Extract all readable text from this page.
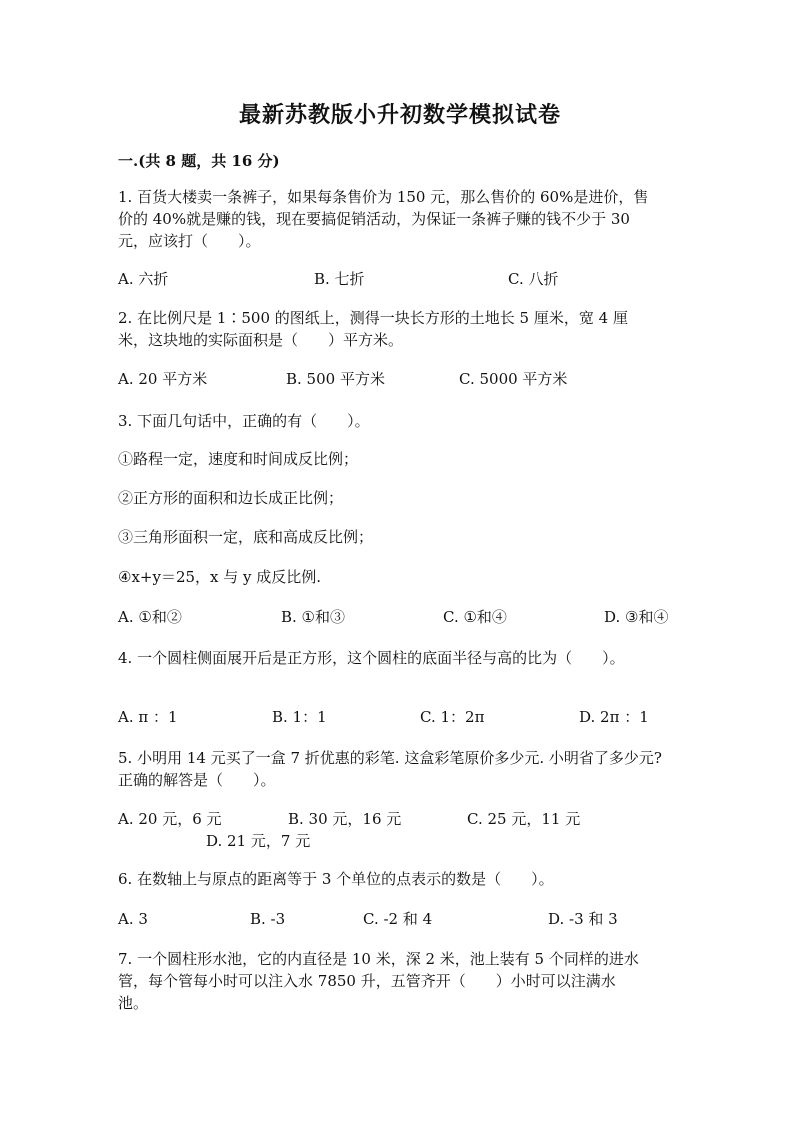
最新苏教版小升初数学模拟试卷
一.(共 8 题，共 16 分)
1. 百货大楼卖一条裤子，如果每条售价为 150 元，那么售价的 60%是进价，售
价的 40%就是赚的钱，现在要搞促销活动，为保证一条裤子赚的钱不少于 30
元，应该打（　　）。
A. 六折	B. 七折	C. 八折
2. 在比例尺是 1∶500 的图纸上，测得一块长方形的土地长 5 厘米，宽 4 厘
米，这块地的实际面积是（　　）平方米。
A. 20 平方米	B. 500 平方米	C. 5000 平方米
3. 下面几句话中，正确的有（　　）。
①路程一定，速度和时间成反比例；
②正方形的面积和边长成正比例；
③三角形面积一定，底和高成反比例；
④x+y＝25，x 与 y 成反比例.
A. ①和②	B. ①和③	C. ①和④	D. ③和④
4. 一个圆柱侧面展开后是正方形，这个圆柱的底面半径与高的比为（　　）。
A. π ：1	B. 1：1	C. 1：2π	D. 2π ：1
5. 小明用 14 元买了一盒 7 折优惠的彩笔. 这盒彩笔原价多少元. 小明省了多少元?
正确的解答是（　　）。
A. 20 元，6 元	B. 30 元，16 元	C. 25 元，11 元
D. 21 元，7 元
6. 在数轴上与原点的距离等于 3 个单位的点表示的数是（　　）。
A. 3	B. -3	C. -2 和 4	D. -3 和 3
7. 一个圆柱形水池，它的内直径是 10 米，深 2 米，池上装有 5 个同样的进水
管，每个管每小时可以注入水 7850 升，五管齐开（　　）小时可以注满水
池。
